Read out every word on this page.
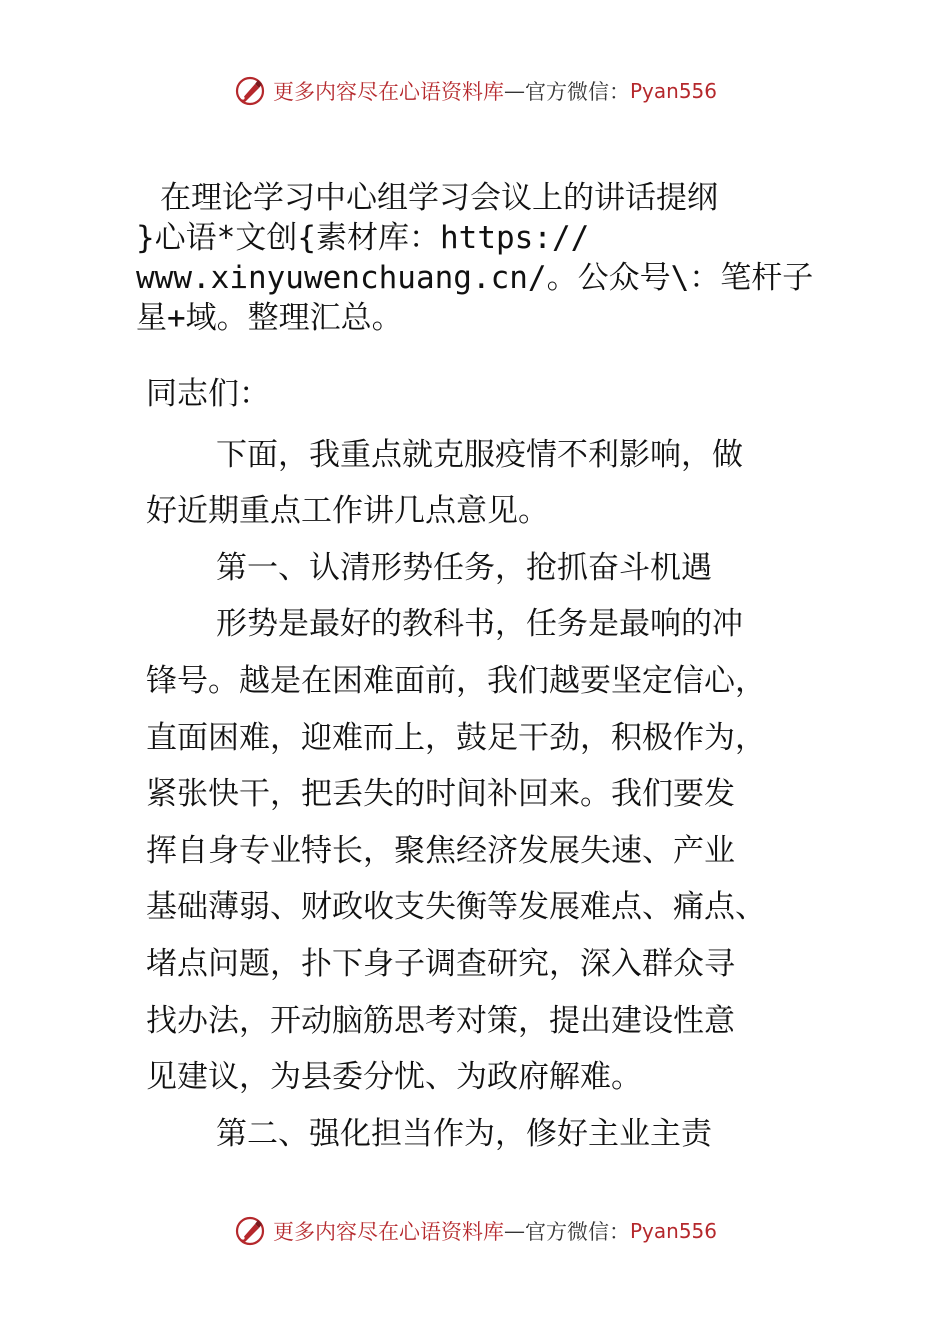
更多内容尽在心语资料库 — 官方微信： Pyan556
在理论学习中心组学习会议上的讲话提纲
}心语*文创{素材库：https://
www.xinyuwenchuang.cn/。公众号\：笔杆子
星+域。整理汇总。

同志们：

下面，我重点就克服疫情不利影响，做

好近期重点工作讲几点意见。

第一、认清形势任务，抢抓奋斗机遇

形势是最好的教科书，任务是最响的冲

锋号。越是在困难面前，我们越要坚定信心，

直面困难，迎难而上，鼓足干劲，积极作为，

紧张快干，把丢失的时间补回来。我们要发

挥自身专业特长，聚焦经济发展失速、产业

基础薄弱、财政收支失衡等发展难点、痛点、

堵点问题，扑下身子调查研究，深入群众寻

找办法，开动脑筋思考对策，提出建设性意

见建议，为县委分忧、为政府解难。

第二、强化担当作为，修好主业主责

更多内容尽在心语资料库 — 官方微信： Pyan556
